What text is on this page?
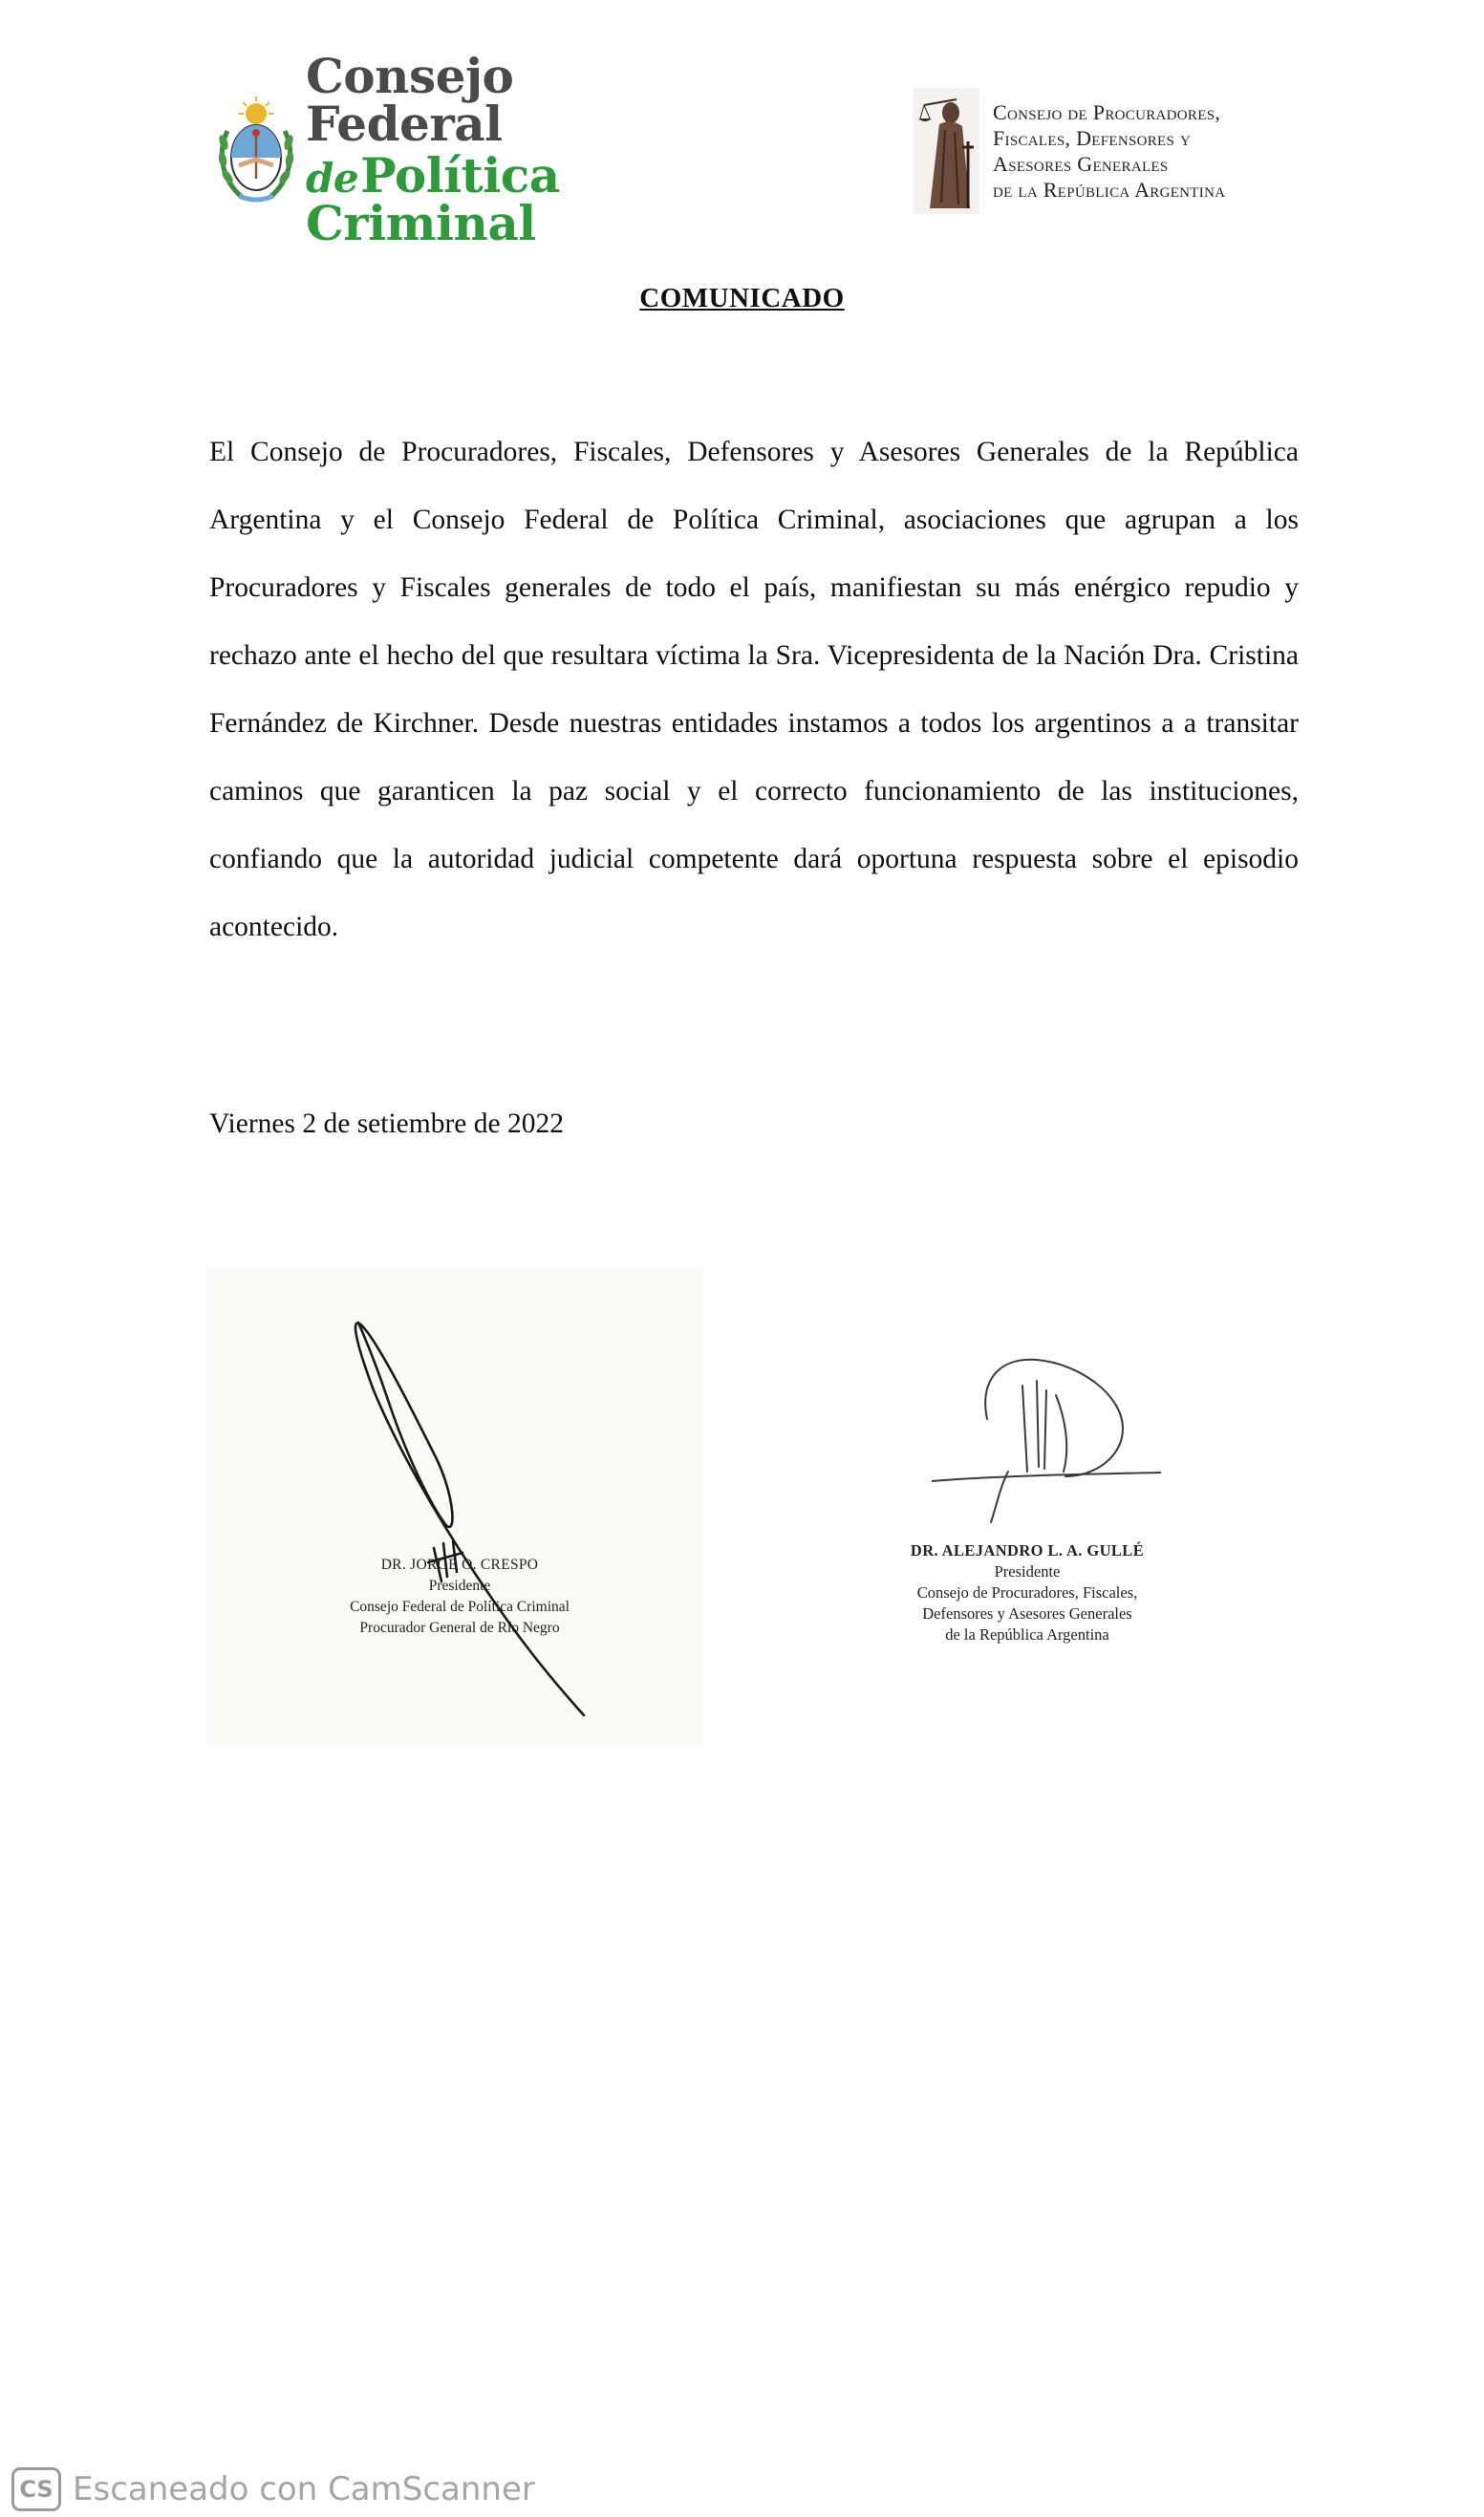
Consejo Federal
dePolítica Criminal
Consejo de Procuradores,
Fiscales, Defensores y
Asesores Generales
de la República Argentina
COMUNICADO
El Consejo de Procuradores, Fiscales, Defensores y Asesores Generales de la República Argentina y el Consejo Federal de Política Criminal, asociaciones que agrupan a los Procuradores y Fiscales generales de todo el país, manifiestan su más enérgico repudio y rechazo ante el hecho del que resultara víctima la Sra. Vicepresidenta de la Nación Dra. Cristina Fernández de Kirchner. Desde nuestras entidades instamos a todos los argentinos a a transitar caminos que garanticen la paz social y el correcto funcionamiento de las instituciones, confiando que la autoridad judicial competente dará oportuna respuesta sobre el episodio acontecido.
Viernes 2 de setiembre de 2022
DR. JORGE O. CRESPO
Presidente
Consejo Federal de Política Criminal
Procurador General de Río Negro
DR. ALEJANDRO L. A. GULLÉ
Presidente
Consejo de Procuradores, Fiscales,
Defensores y Asesores Generales
de la República Argentina
CS Escaneado con CamScanner
